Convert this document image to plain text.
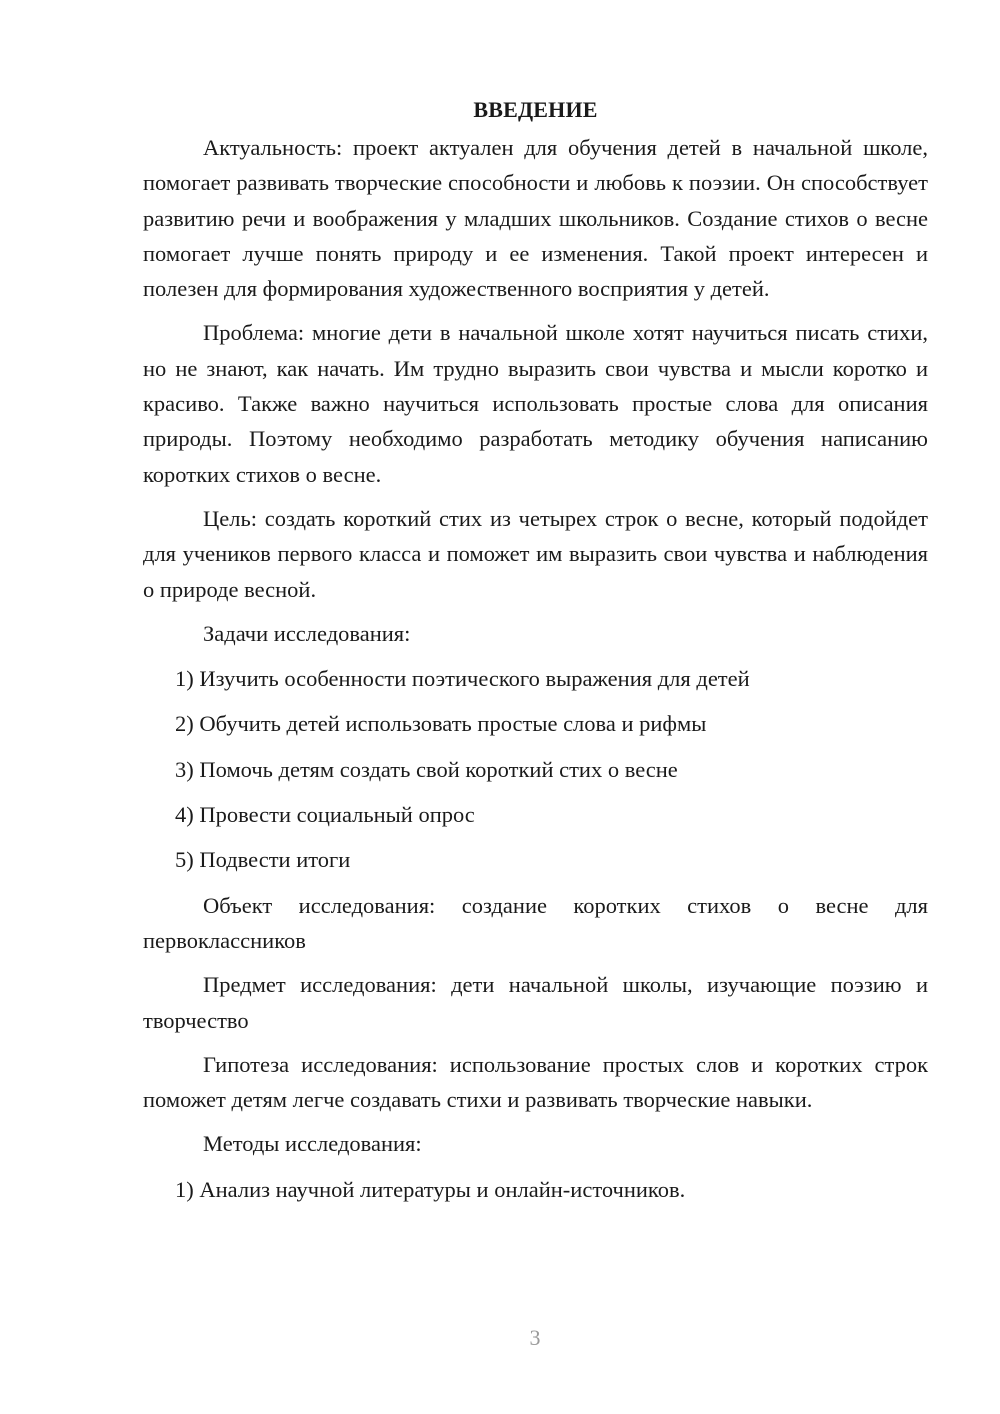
ВВЕДЕНИЕ

Актуальность: проект актуален для обучения детей в начальной школе, помогает развивать творческие способности и любовь к поэзии. Он способствует развитию речи и воображения у младших школьников. Создание стихов о весне помогает лучше понять природу и ее изменения. Такой проект интересен и полезен для формирования художественного восприятия у детей.

Проблема: многие дети в начальной школе хотят научиться писать стихи, но не знают, как начать. Им трудно выразить свои чувства и мысли коротко и красиво. Также важно научиться использовать простые слова для описания природы. Поэтому необходимо разработать методику обучения написанию коротких стихов о весне.

Цель: создать короткий стих из четырех строк о весне, который подойдет для учеников первого класса и поможет им выразить свои чувства и наблюдения о природе весной.

Задачи исследования:

1) Изучить особенности поэтического выражения для детей

2) Обучить детей использовать простые слова и рифмы

3) Помочь детям создать свой короткий стих о весне

4) Провести социальный опрос

5) Подвести итоги

Объект исследования: создание коротких стихов о весне для первоклассников

Предмет исследования: дети начальной школы, изучающие поэзию и творчество

Гипотеза исследования: использование простых слов и коротких строк поможет детям легче создавать стихи и развивать творческие навыки.

Методы исследования:

1) Анализ научной литературы и онлайн-источников.

3
